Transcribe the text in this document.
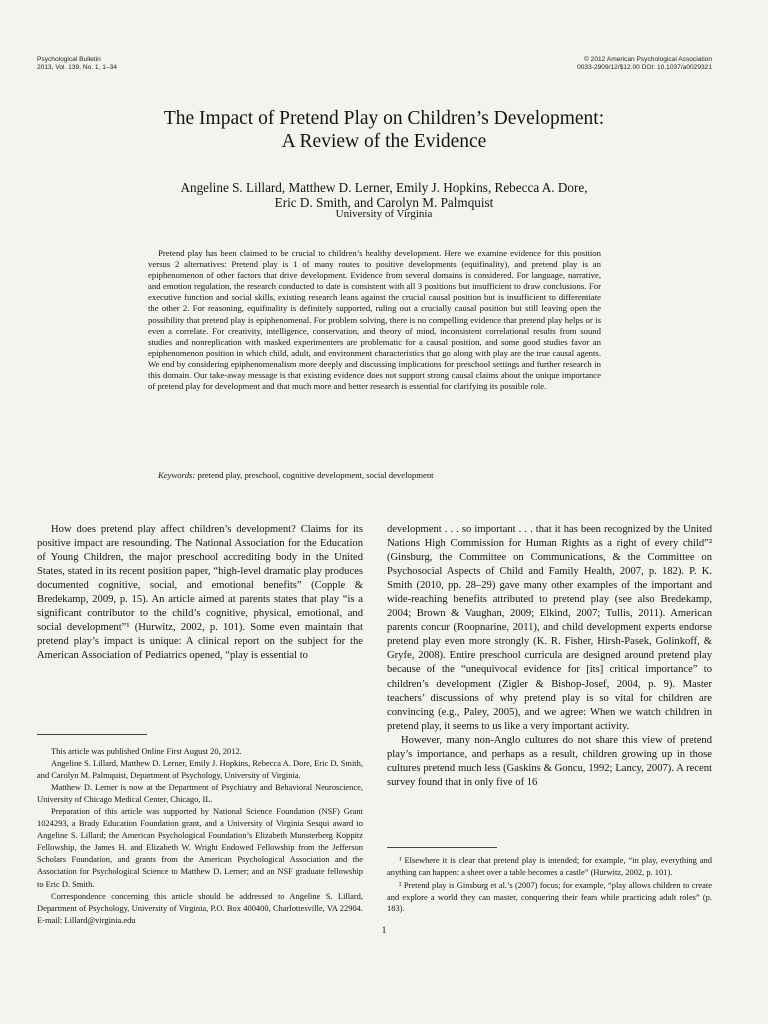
Psychological Bulletin
2013, Vol. 139, No. 1, 1–34
© 2012 American Psychological Association
0033-2909/12/$12.00 DOI: 10.1037/a0029321
The Impact of Pretend Play on Children’s Development:
A Review of the Evidence
Angeline S. Lillard, Matthew D. Lerner, Emily J. Hopkins, Rebecca A. Dore,
Eric D. Smith, and Carolyn M. Palmquist
University of Virginia

Pretend play has been claimed to be crucial to children’s healthy development. Here we examine evidence for this position versus 2 alternatives: Pretend play is 1 of many routes to positive developments (equifinality), and pretend play is an epiphenomenon of other factors that drive development. Evidence from several domains is considered. For language, narrative, and emotion regulation, the research conducted to date is consistent with all 3 positions but insufficient to draw conclusions. For executive function and social skills, existing research leans against the crucial causal position but is insufficient to differentiate the other 2. For reasoning, equifinality is definitely supported, ruling out a crucially causal position but still leaving open the possibility that pretend play is epiphenomenal. For problem solving, there is no compelling evidence that pretend play helps or is even a correlate. For creativity, intelligence, conservation, and theory of mind, inconsistent correlational results from sound studies and nonreplication with masked experimenters are problematic for a causal position, and some good studies favor an epiphenomenon position in which child, adult, and environment characteristics that go along with play are the true causal agents. We end by considering epiphenomenalism more deeply and discussing implications for preschool settings and further research in this domain. Our take-away message is that existing evidence does not support strong causal claims about the unique importance of pretend play for development and that much more and better research is essential for clarifying its possible role.

Keywords: pretend play, preschool, cognitive development, social development

How does pretend play affect children’s development? Claims for its positive impact are resounding. The National Association for the Education of Young Children, the major preschool accrediting body in the United States, stated in its recent position paper, “high-level dramatic play produces documented cognitive, social, and emotional benefits” (Copple & Bredekamp, 2009, p. 15). An article aimed at parents states that play “is a significant contributor to the child’s cognitive, physical, emotional, and social development”¹ (Hurwitz, 2002, p. 101). Some even maintain that pretend play’s impact is unique: A clinical report on the subject for the American Association of Pediatrics opened, “play is essential to

This article was published Online First August 20, 2012.

Angeline S. Lillard, Matthew D. Lerner, Emily J. Hopkins, Rebecca A. Dore, Eric D. Smith, and Carolyn M. Palmquist, Department of Psychology, University of Virginia.

Matthew D. Lerner is now at the Department of Psychiatry and Behavioral Neuroscience, University of Chicago Medical Center, Chicago, IL.

Preparation of this article was supported by National Science Foundation (NSF) Grant 1024293, a Brady Education Foundation grant, and a University of Virginia Sesqui award to Angeline S. Lillard; the American Psychological Foundation’s Elizabeth Munsterberg Koppitz Fellowship, the James H. and Elizabeth W. Wright Endowed Fellowship from the Jefferson Scholars Foundation, and grants from the American Psychological Association and the Association for Psychological Science to Matthew D. Lerner; and an NSF graduate fellowship to Eric D. Smith.

Correspondence concerning this article should be addressed to Angeline S. Lillard, Department of Psychology, University of Virginia, P.O. Box 400400, Charlottesville, VA 22904. E-mail: Lillard@virginia.edu

development . . . so important . . . that it has been recognized by the United Nations High Commission for Human Rights as a right of every child”² (Ginsburg, the Committee on Communications, & the Committee on Psychosocial Aspects of Child and Family Health, 2007, p. 182). P. K. Smith (2010, pp. 28–29) gave many other examples of the important and wide-reaching benefits attributed to pretend play (see also Bredekamp, 2004; Brown & Vaughan, 2009; Elkind, 2007; Tullis, 2011). American parents concur (Roopnarine, 2011), and child development experts endorse pretend play even more strongly (K. R. Fisher, Hirsh-Pasek, Golinkoff, & Gryfe, 2008). Entire preschool curricula are designed around pretend play because of the “unequivocal evidence for [its] critical importance” to children’s development (Zigler & Bishop-Josef, 2004, p. 9). Master teachers’ discussions of why pretend play is so vital for children are convincing (e.g., Paley, 2005), and we agree: When we watch children in pretend play, it seems to us like a very important activity.

However, many non-Anglo cultures do not share this view of pretend play’s importance, and perhaps as a result, children growing up in those cultures pretend much less (Gaskins & Goncu, 1992; Lancy, 2007). A recent survey found that in only five of 16

¹ Elsewhere it is clear that pretend play is intended; for example, “in play, everything and anything can happen: a sheet over a table becomes a castle” (Hurwitz, 2002, p. 101).

² Pretend play is Ginsburg et al.’s (2007) focus; for example, “play allows children to create and explore a world they can master, conquering their fears while practicing adult roles” (p. 183).

1
